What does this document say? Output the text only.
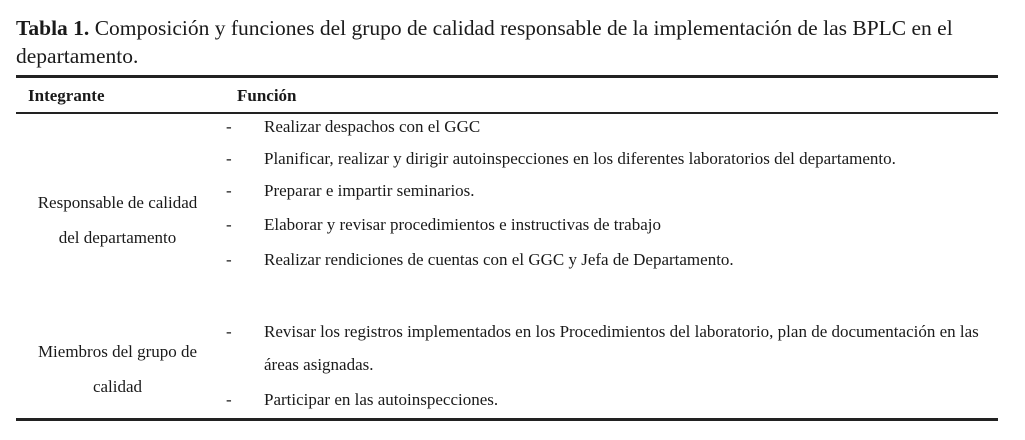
Tabla 1. Composición y funciones del grupo de calidad responsable de la implementación de las BPLC en el departamento.
Integrante	Función
Responsable de calidad
del departamento
- Realizar despachos con el GGC
- Planificar, realizar y dirigir autoinspecciones en los diferentes laboratorios del departamento.
- Preparar e impartir seminarios.
- Elaborar y revisar procedimientos e instructivas de trabajo
- Realizar rendiciones de cuentas con el GGC y Jefa de Departamento.
Miembros del grupo de
calidad
- Revisar los registros implementados en los Procedimientos del laboratorio, plan de documentación en las áreas asignadas.
- Participar en las autoinspecciones.
